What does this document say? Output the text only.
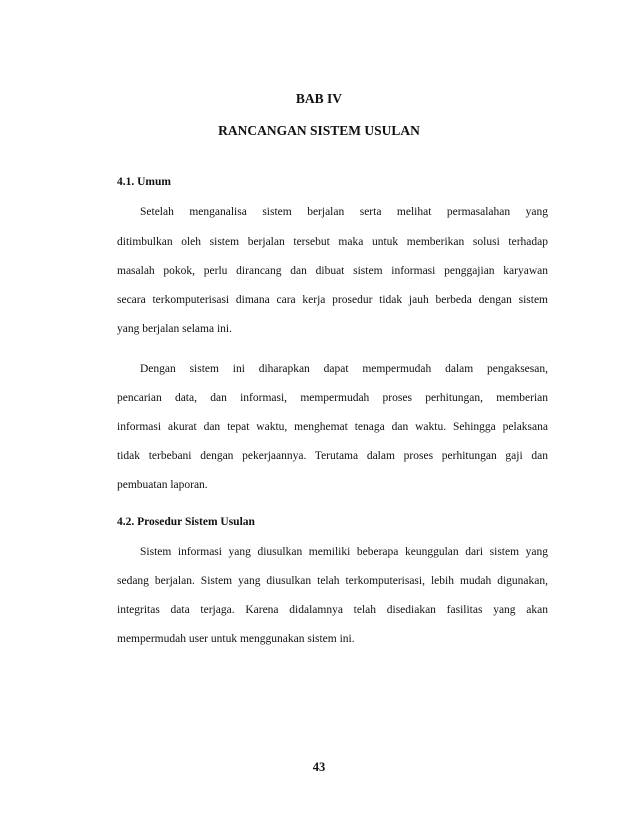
BAB IV
RANCANGAN SISTEM USULAN
4.1. Umum
Setelah menganalisa sistem berjalan serta melihat permasalahan yang
ditimbulkan oleh sistem berjalan tersebut maka untuk memberikan solusi terhadap
masalah pokok, perlu dirancang dan dibuat sistem informasi penggajian karyawan
secara terkomputerisasi dimana cara kerja prosedur tidak jauh berbeda dengan sistem
yang berjalan selama ini.
Dengan sistem ini diharapkan dapat mempermudah dalam pengaksesan,
pencarian data, dan informasi, mempermudah proses perhitungan, memberian
informasi akurat dan tepat waktu, menghemat tenaga dan waktu. Sehingga pelaksana
tidak terbebani dengan pekerjaannya. Terutama dalam proses perhitungan gaji dan
pembuatan laporan.
4.2. Prosedur Sistem Usulan
Sistem informasi yang diusulkan memiliki beberapa keunggulan dari sistem yang
sedang berjalan. Sistem yang diusulkan telah terkomputerisasi, lebih mudah digunakan,
integritas data terjaga. Karena didalamnya telah disediakan fasilitas yang akan
mempermudah user untuk menggunakan sistem ini.
43
